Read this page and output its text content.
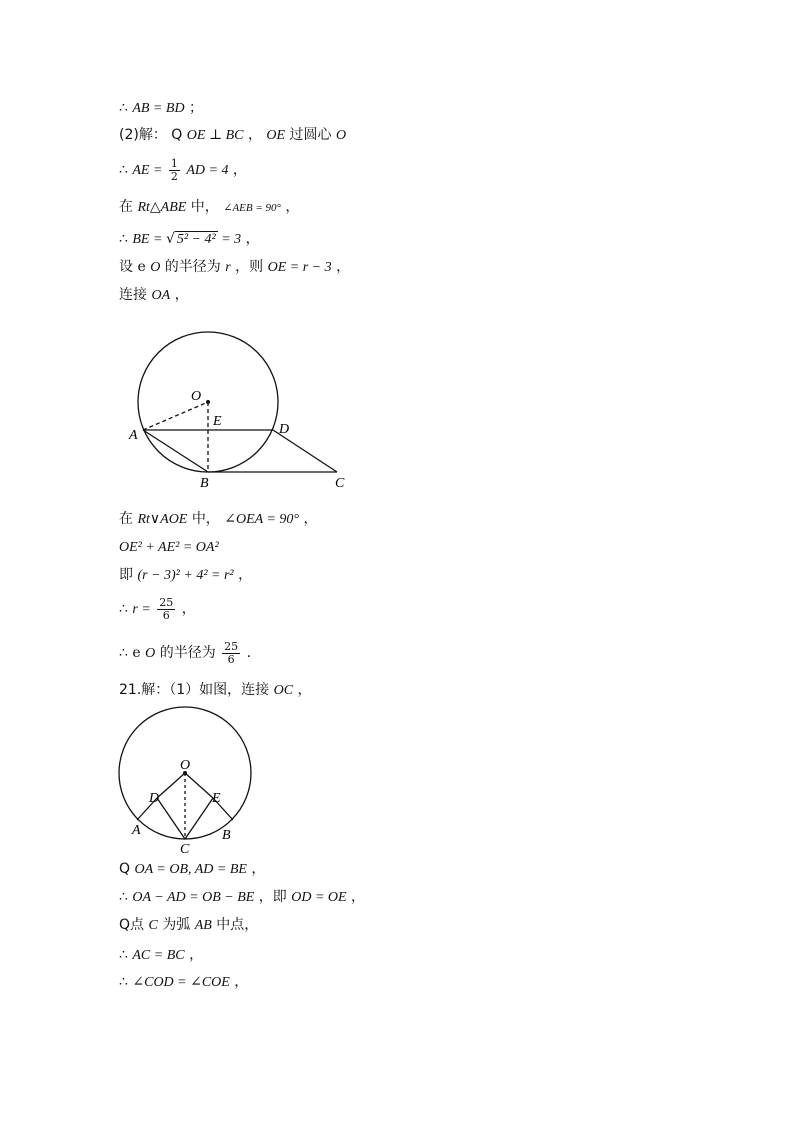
∴ AB = BD ；
(2)解： Q OE ⊥ BC ， OE 过圆心 O
∴ AE = $\frac{1}{2}$ AD = 4 ，
在 Rt△ABE 中， ∠AEB = 90° ，
∴ BE = √ 5² − 4² = 3 ，
设 e O 的半径为 r ，则 OE = r − 3 ，
连接 OA ，
O
E
A	D
B	C
在 Rt∨AOE 中， ∠OEA = 90° ，
OE² + AE² = OA²
即 (r − 3)² + 4² = r² ，
∴ $r = \frac{25}{6}$ ，
∴ e O 的半径为 $\frac{25}{6}$ .
21.解：（1）如图，连接 OC ，
O
D	E
A	B
C
Q OA = OB, AD = BE ，
∴ OA − AD = OB − BE ，即 OD = OE ，
Q点 C 为弧 AB 中点，
∴ AC = BC ，
∴ ∠COD = ∠COE ，
